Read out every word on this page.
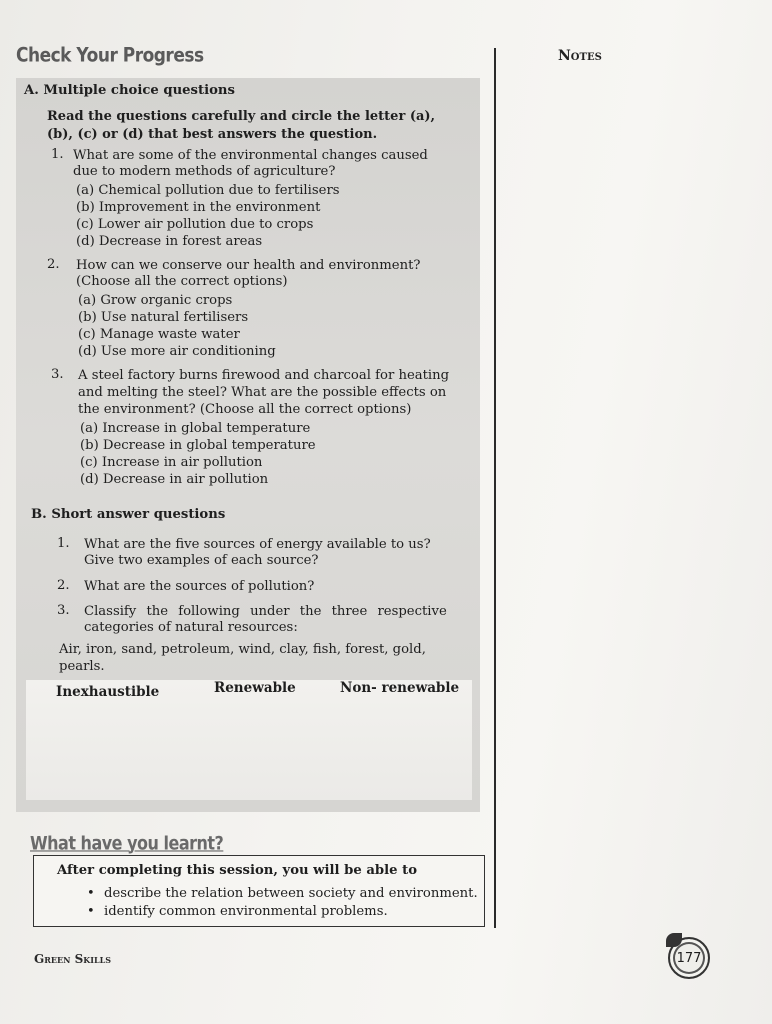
Check Your Progress	Notes
A. Multiple choice questions
Read the questions carefully and circle the letter (a),
(b), (c) or (d) that best answers the question.
1. What are some of the environmental changes caused
due to modern methods of agriculture?
(a) Chemical pollution due to fertilisers
(b) Improvement in the environment
(c) Lower air pollution due to crops
(d) Decrease in forest areas
2. How can we conserve our health and environment?
(Choose all the correct options)
(a) Grow organic crops
(b) Use natural fertilisers
(c) Manage waste water
(d) Use more air conditioning
3. A steel factory burns firewood and charcoal for heating
and melting the steel? What are the possible effects on
the environment? (Choose all the correct options)
(a) Increase in global temperature
(b) Decrease in global temperature
(c) Increase in air pollution
(d) Decrease in air pollution
B. Short answer questions
1. What are the five sources of energy available to us?
Give two examples of each source?
2. What are the sources of pollution?
3. Classify the following under the three respective
categories of natural resources:
Air, iron, sand, petroleum, wind, clay, fish, forest, gold,
pearls.
Inexhaustible	Renewable	Non- renewable
What have you learnt?
After completing this session, you will be able to
• describe the relation between society and environment.
• identify common environmental problems.
Green Skills	177
